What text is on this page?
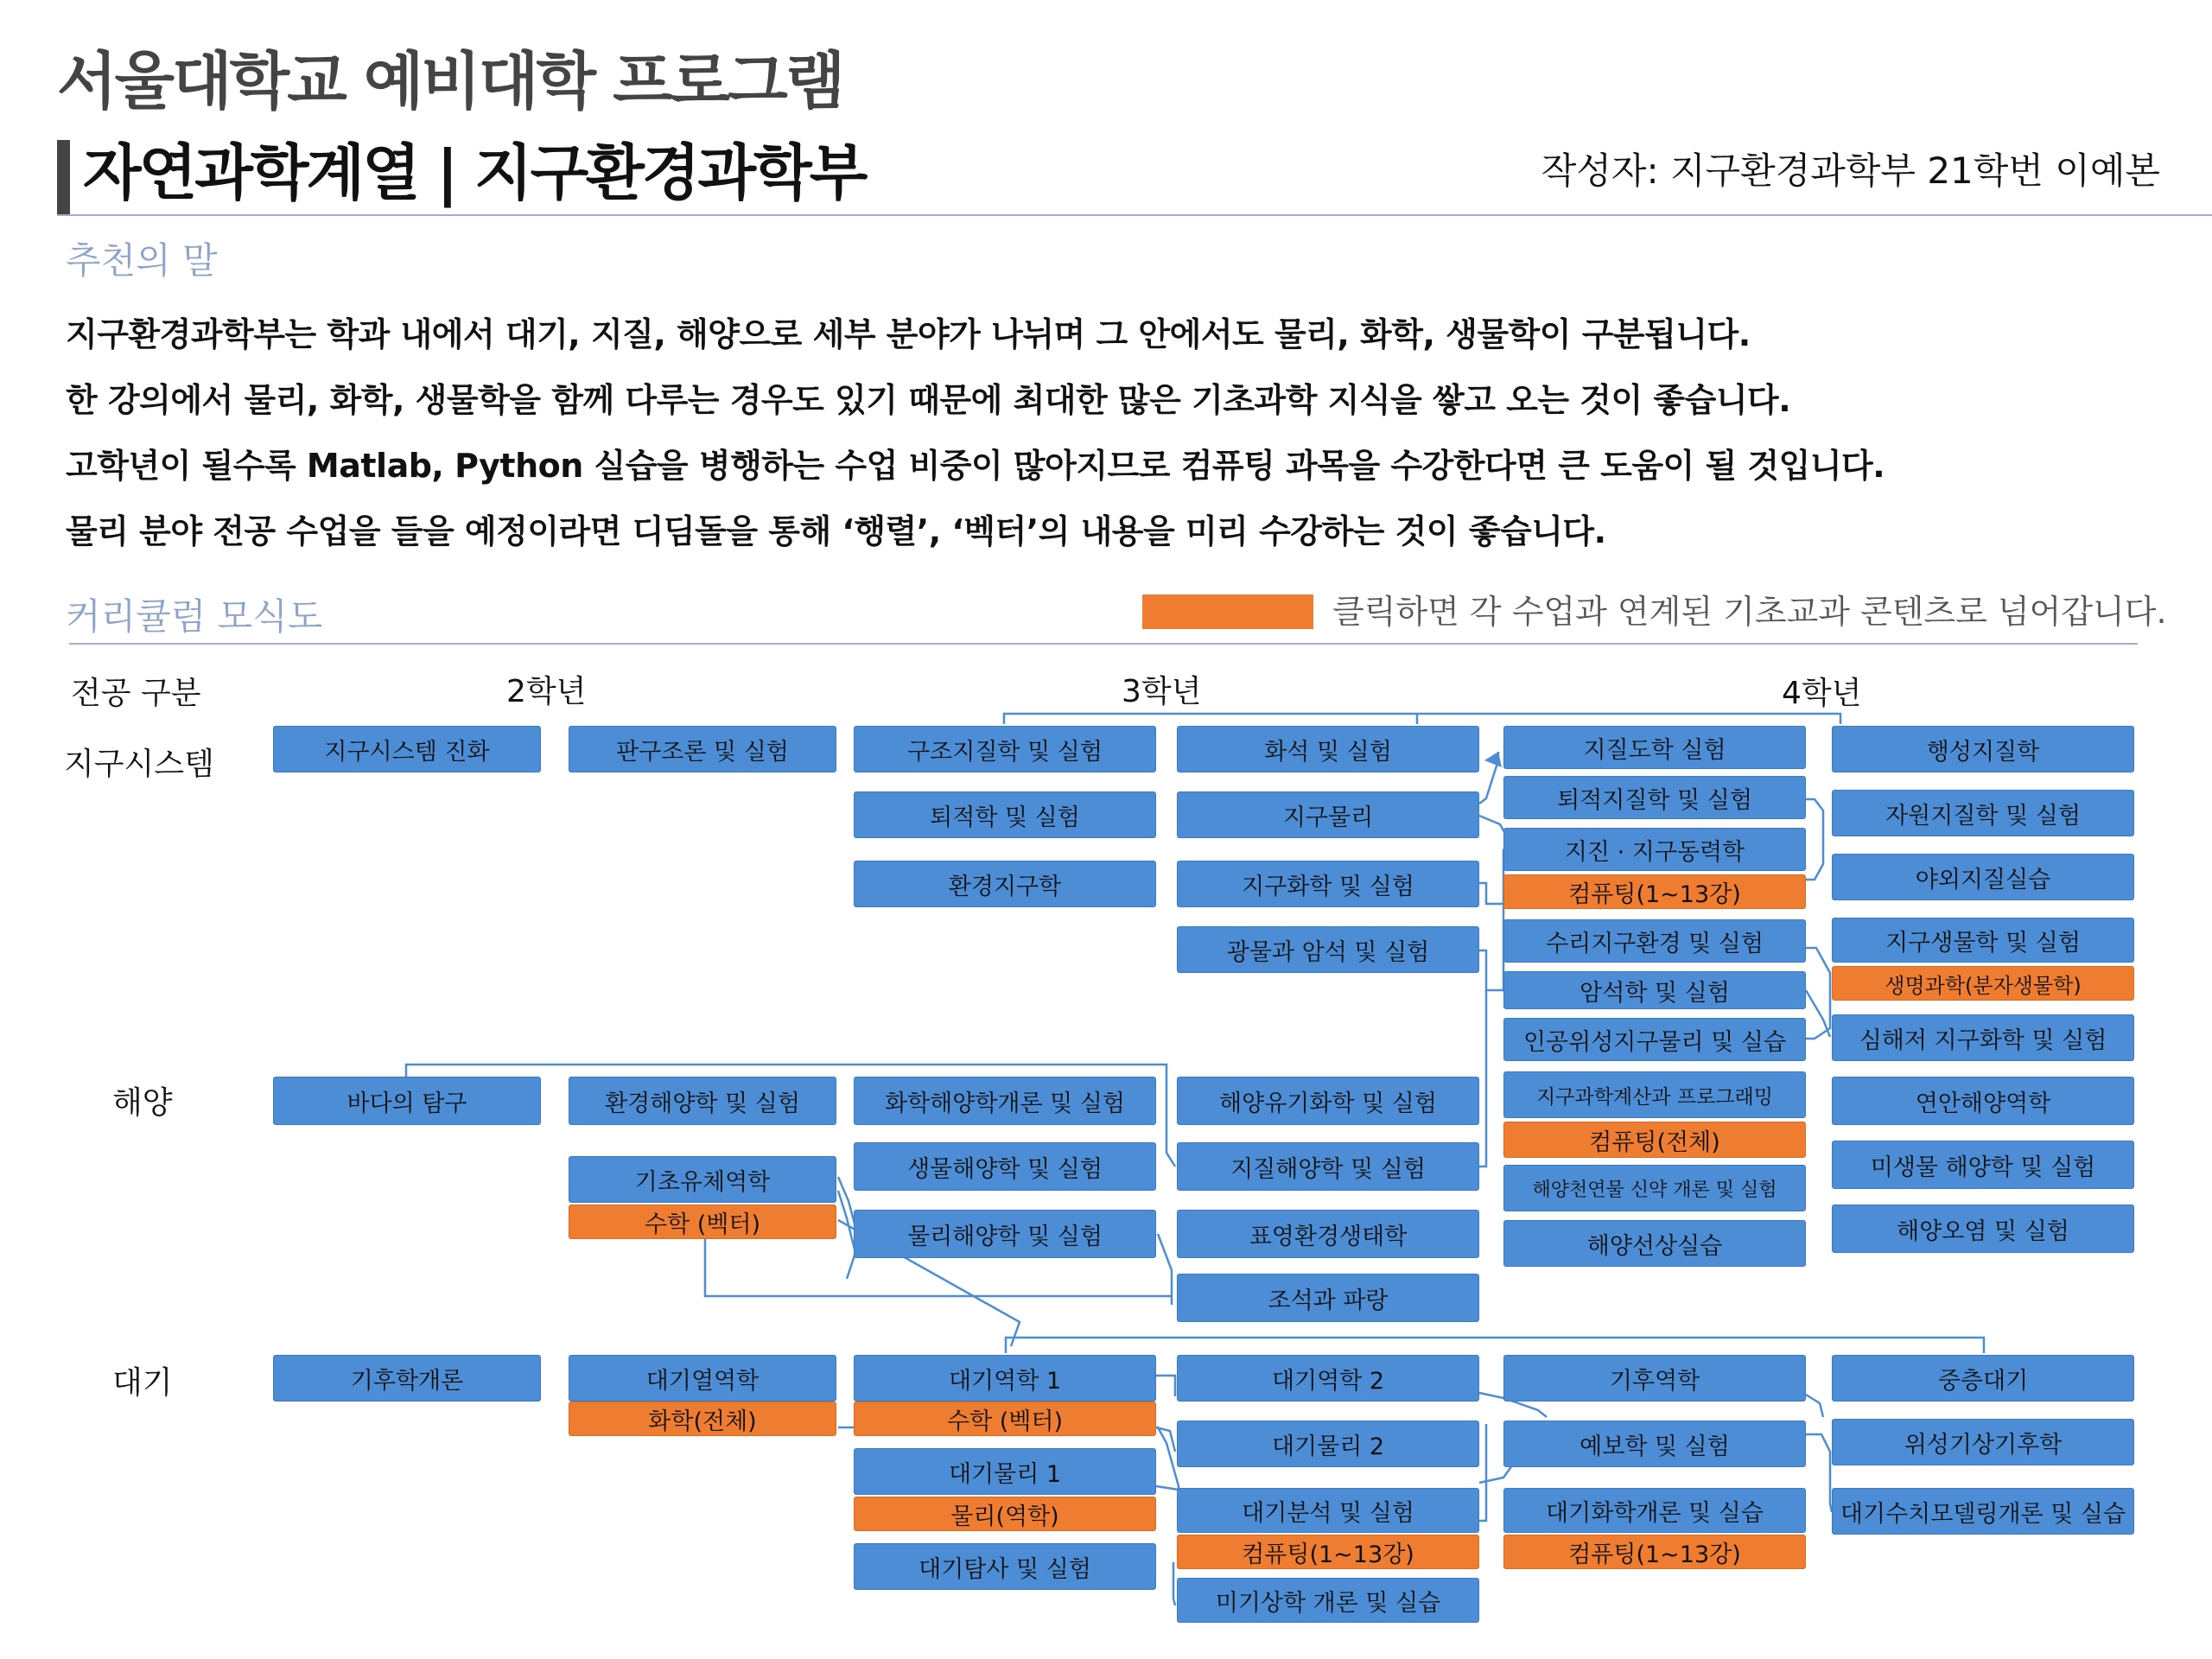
서울대학교 예비대학 프로그램
자연과학계열 | 지구환경과학부	작성자: 지구환경과학부 21학번 이예본
추천의 말
지구환경과학부는 학과 내에서 대기, 지질, 해양으로 세부 분야가 나뉘며 그 안에서도 물리, 화학, 생물학이 구분됩니다.
한 강의에서 물리, 화학, 생물학을 함께 다루는 경우도 있기 때문에 최대한 많은 기초과학 지식을 쌓고 오는 것이 좋습니다.
고학년이 될수록 Matlab, Python 실습을 병행하는 수업 비중이 많아지므로 컴퓨팅 과목을 수강한다면 큰 도움이 될 것입니다.
물리 분야 전공 수업을 들을 예정이라면 디딤돌을 통해 ‘행렬’, ‘벡터’의 내용을 미리 수강하는 것이 좋습니다.
커리큘럼 모식도	클릭하면 각 수업과 연계된 기초교과 콘텐츠로 넘어갑니다.
전공 구분	2학년	3학년	4학년
지구시스템
해양
대기
지구시스템 진화	판구조론 및 실험	구조지질학 및 실험	화석 및 실험	지질도학 실험	행성지질학
퇴적학 및 실험	지구물리
퇴적지질학 및 실험
자원지질학 및 실험
환경지구학	지구화학 및 실험
지진 · 지구동력학
컴퓨팅(1~13강)
야외지질실습
광물과 암석 및 실험	수리지구환경 및 실험	지구생물학 및 실험
생명과학(분자생물학)
암석학 및 실험
인공위성지구물리 및 실습	심해저 지구화학 및 실험
바다의 탐구	환경해양학 및 실험	화학해양학개론 및 실험	해양유기화학 및 실험	지구과학계산과 프로그래밍	연안해양역학
컴퓨팅(전체)
기초유체역학
수학 (벡터)
생물해양학 및 실험	지질해양학 및 실험
해양천연물 신약 개론 및 실험
미생물 해양학 및 실험
물리해양학 및 실험	표영환경생태학	해양선상실습
해양오염 및 실험
조석과 파랑
기후학개론	대기열역학
화학(전체)
대기역학 1
수학 (벡터)
대기역학 2	기후역학	중층대기
대기물리 2	예보학 및 실험	위성기상기후학
대기물리 1
물리(역학)	대기분석 및 실험	대기화학개론 및 실습	대기수치모델링개론 및 실습
컴퓨팅(1~13강)	컴퓨팅(1~13강)
대기탐사 및 실험
미기상학 개론 및 실습
